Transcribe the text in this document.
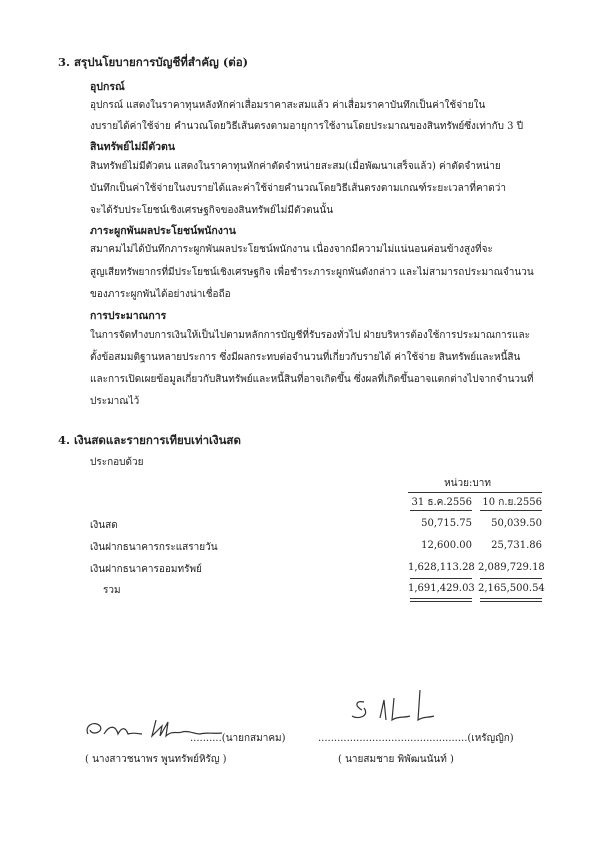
3. สรุปนโยบายการบัญชีที่สำคัญ (ต่อ)
อุปกรณ์
อุปกรณ์ แสดงในราคาทุนหลังหักค่าเสื่อมราคาสะสมแล้ว ค่าเสื่อมราคาบันทึกเป็นค่าใช้จ่ายใน
งบรายได้ค่าใช้จ่าย คำนวณโดยวิธีเส้นตรงตามอายุการใช้งานโดยประมาณของสินทรัพย์ซึ่งเท่ากับ 3 ปี
สินทรัพย์ไม่มีตัวตน
สินทรัพย์ไม่มีตัวตน แสดงในราคาทุนหักค่าตัดจำหน่ายสะสม(เมื่อพัฒนาเสร็จแล้ว) ค่าตัดจำหน่าย
บันทึกเป็นค่าใช้จ่ายในงบรายได้และค่าใช้จ่ายคำนวณโดยวิธีเส้นตรงตามเกณฑ์ระยะเวลาที่คาดว่า
จะได้รับประโยชน์เชิงเศรษฐกิจของสินทรัพย์ไม่มีตัวตนนั้น
ภาระผูกพันผลประโยชน์พนักงาน
สมาคมไม่ได้บันทึกภาระผูกพันผลประโยชน์พนักงาน เนื่องจากมีความไม่แน่นอนค่อนข้างสูงที่จะ
สูญเสียทรัพยากรที่มีประโยชน์เชิงเศรษฐกิจ เพื่อชำระภาระผูกพันดังกล่าว และไม่สามารถประมาณจำนวน
ของภาระผูกพันได้อย่างน่าเชื่อถือ
การประมาณการ
ในการจัดทำงบการเงินให้เป็นไปตามหลักการบัญชีที่รับรองทั่วไป ฝ่ายบริหารต้องใช้การประมาณการและ
ตั้งข้อสมมติฐานหลายประการ ซึ่งมีผลกระทบต่อจำนวนที่เกี่ยวกับรายได้ ค่าใช้จ่าย สินทรัพย์และหนี้สิน
และการเปิดเผยข้อมูลเกี่ยวกับสินทรัพย์และหนี้สินที่อาจเกิดขึ้น ซึ่งผลที่เกิดขึ้นอาจแตกต่างไปจากจำนวนที่
ประมาณไว้
4. เงินสดและรายการเทียบเท่าเงินสด
ประกอบด้วย
หน่วย:บาท
31 ธ.ค.2556	10 ก.ย.2556
เงินสด	50,715.75	50,039.50
เงินฝากธนาคารกระแสรายวัน	12,600.00	25,731.86
เงินฝากธนาคารออมทรัพย์	1,628,113.28 2,089,729.18
รวม	1,691,429.03 2,165,500.54
..........(นายกสมาคม)
( นางสาวชนาพร พูนทรัพย์หิรัญ )
...............................................(เหรัญญิก)
( นายสมชาย พิพัฒนนันท์ )
